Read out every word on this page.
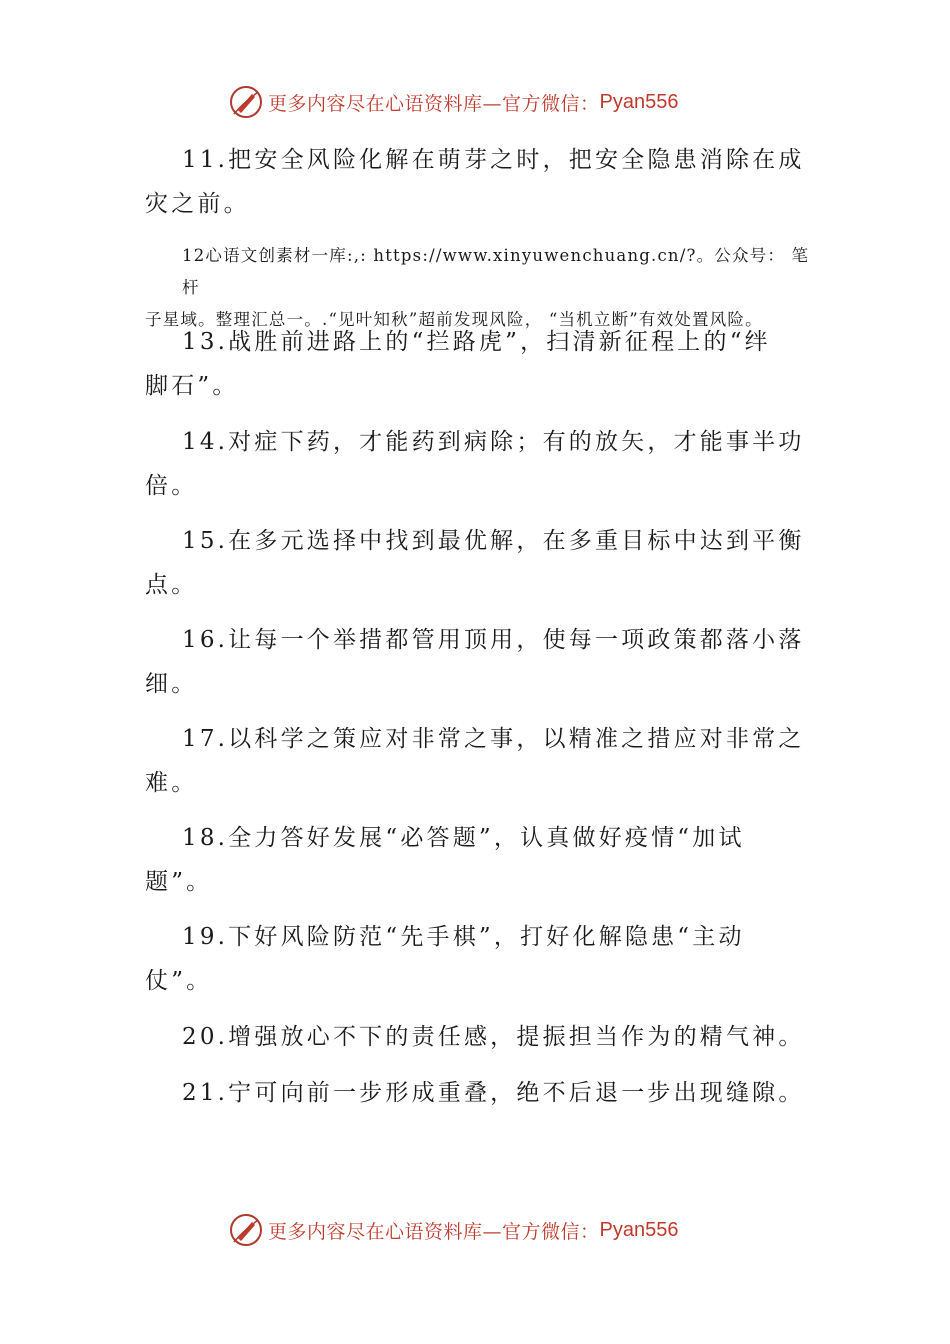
更多内容尽在心语资料库—官方微信： Pyan556

11.把安全风险化解在萌芽之时，把安全隐患消除在成
灾之前。

12心语文创素材一库:,: https://www.xinyuwenchuang.cn/?。公众号： 笔杆
子星域。整理汇总一。.“见叶知秋”超前发现风险， “当机立断”有效处置风险。

13.战胜前进路上的“拦路虎”，扫清新征程上的“绊
脚石”。

14.对症下药，才能药到病除；有的放矢，才能事半功
倍。

15.在多元选择中找到最优解，在多重目标中达到平衡
点。

16.让每一个举措都管用顶用，使每一项政策都落小落
细。

17.以科学之策应对非常之事，以精准之措应对非常之
难。

18.全力答好发展“必答题”，认真做好疫情“加试
题”。

19.下好风险防范“先手棋”，打好化解隐患“主动
仗”。

20.增强放心不下的责任感，提振担当作为的精气神。

21.宁可向前一步形成重叠，绝不后退一步出现缝隙。

更多内容尽在心语资料库—官方微信： Pyan556
